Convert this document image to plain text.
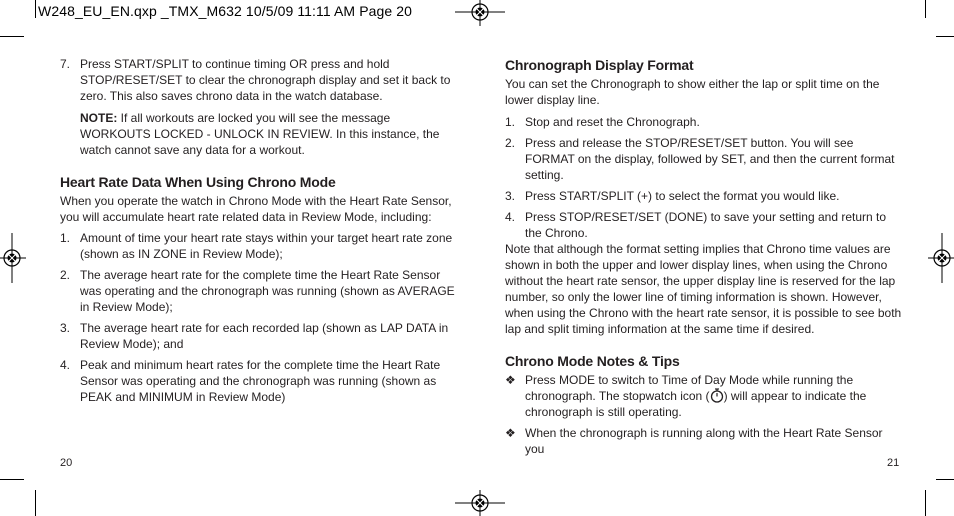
W248_EU_EN.qxp _TMX_M632 10/5/09 11:11 AM Page 20
7. Press START/SPLIT to continue timing OR press and hold STOP/RESET/SET to clear the chronograph display and set it back to zero. This also saves chrono data in the watch database.

NOTE: If all workouts are locked you will see the message WORKOUTS LOCKED - UNLOCK IN REVIEW. In this instance, the watch cannot save any data for a workout.

Heart Rate Data When Using Chrono Mode

When you operate the watch in Chrono Mode with the Heart Rate Sensor, you will accumulate heart rate related data in Review Mode, including:

1. Amount of time your heart rate stays within your target heart rate zone (shown as IN ZONE in Review Mode);

2. The average heart rate for the complete time the Heart Rate Sensor was operating and the chronograph was running (shown as AVERAGE in Review Mode);

3. The average heart rate for each recorded lap (shown as LAP DATA in Review Mode); and

4. Peak and minimum heart rates for the complete time the Heart Rate Sensor was operating and the chronograph was running (shown as PEAK and MINIMUM in Review Mode)

20
Chronograph Display Format

You can set the Chronograph to show either the lap or split time on the lower display line.

1. Stop and reset the Chronograph.

2. Press and release the STOP/RESET/SET button. You will see FORMAT on the display, followed by SET, and then the current format setting.

3. Press START/SPLIT (+) to select the format you would like.

4. Press STOP/RESET/SET (DONE) to save your setting and return to the Chrono.

Note that although the format setting implies that Chrono time values are shown in both the upper and lower display lines, when using the Chrono without the heart rate sensor, the upper display line is reserved for the lap number, so only the lower line of timing information is shown. However, when using the Chrono with the heart rate sensor, it is possible to see both lap and split timing information at the same time if desired.

Chrono Mode Notes & Tips
❖ Press MODE to switch to Time of Day Mode while running the chronograph. The stopwatch icon ( ) will appear to indicate the chronograph is still operating.

❖ When the chronograph is running along with the Heart Rate Sensor you

21
